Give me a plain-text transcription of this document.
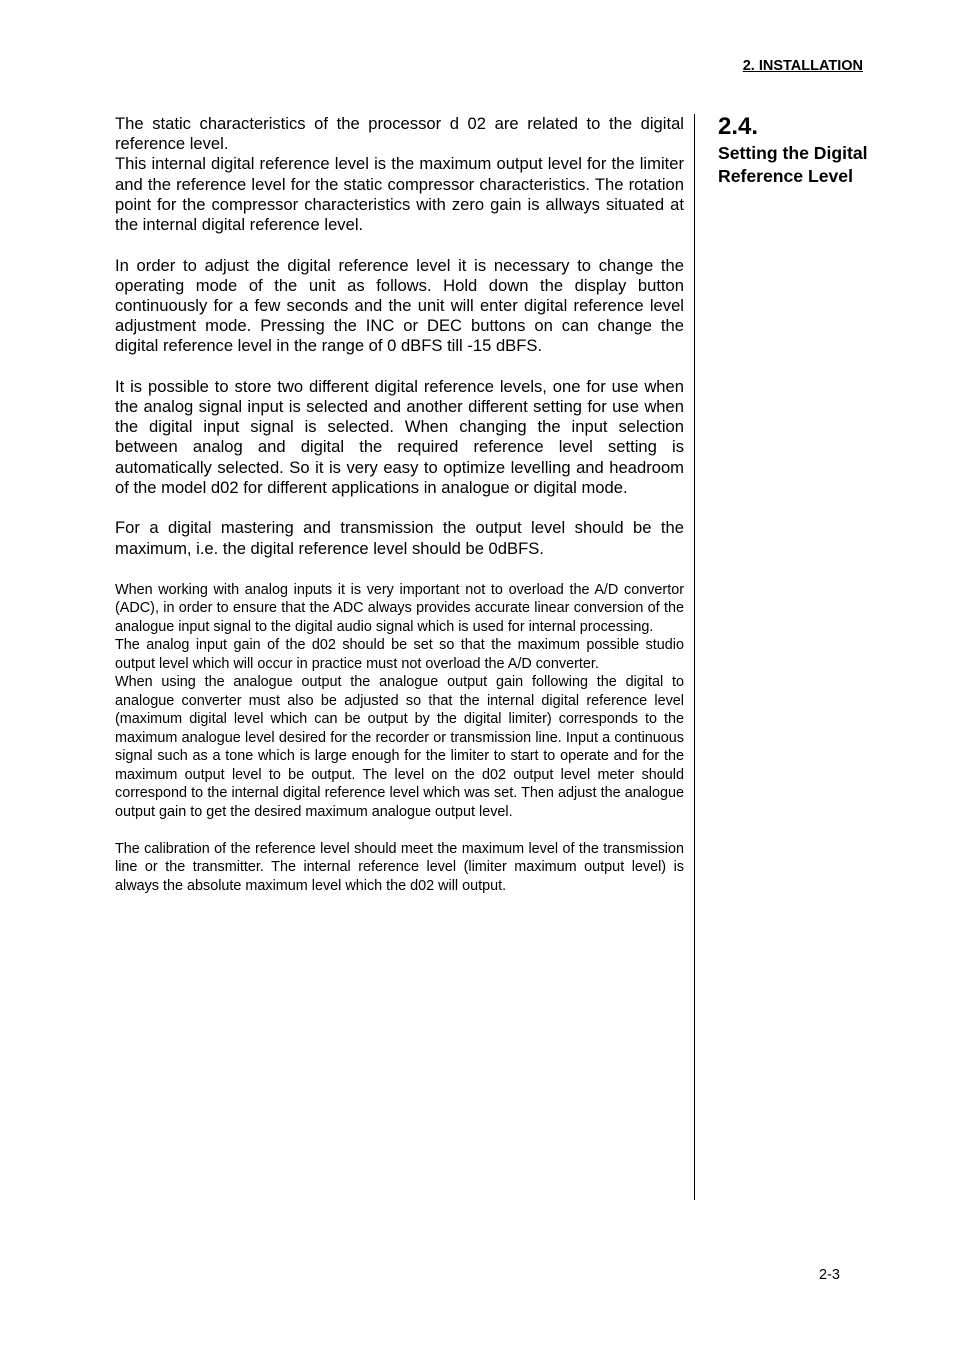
2. INSTALLATION

The static characteristics of the processor d 02 are related to the digital reference level.

This internal digital reference level is the maximum output level for the limiter and the reference level for the static compressor characteristics. The rotation point for the compressor characteristics with zero gain is allways situated at the internal digital reference level.

In order to adjust the digital reference level it is necessary to change the operating mode of the unit as follows. Hold down the display button continuously for a few seconds and the unit will enter digital reference level adjustment mode. Pressing the INC or DEC buttons on can change the digital reference level in the range of 0 dBFS till -15 dBFS.

It is possible to store two different digital reference levels, one for use when the analog signal input is selected and another different setting for use when the digital input signal is selected. When changing the input selection between analog and digital the required reference level setting is automatically selected. So it is very easy to optimize levelling and headroom of the model d02 for different applications in analogue or digital mode.

For a digital mastering and transmission the output level should be the maximum, i.e. the digital reference level should be 0dBFS.

When working with analog inputs it is very important not to overload the A/D convertor (ADC), in order to ensure that the ADC always provides accurate linear conversion of the analogue input signal to the digital audio signal which is used for internal processing.

The analog input gain of the d02 should be set so that the maximum possible studio output level which will occur in practice must not overload the A/D converter.

When using the analogue output the analogue output gain following the digital to analogue converter must also be adjusted so that the internal digital reference level (maximum digital level which can be output by the digital limiter) corresponds to the maximum analogue level desired for the recorder or transmission line. Input a continuous signal such as a tone which is large enough for the limiter to start to operate and for the maximum output level to be output. The level on the d02 output level meter should correspond to the internal digital reference level which was set. Then adjust the analogue output gain to get the desired maximum analogue output level.

The calibration of the reference level should meet the maximum level of the transmission line or the transmitter. The internal reference level (limiter maximum output level) is always the absolute maximum level which the d02 will output.

2.4.
Setting the Digital
Reference Level
2-3
